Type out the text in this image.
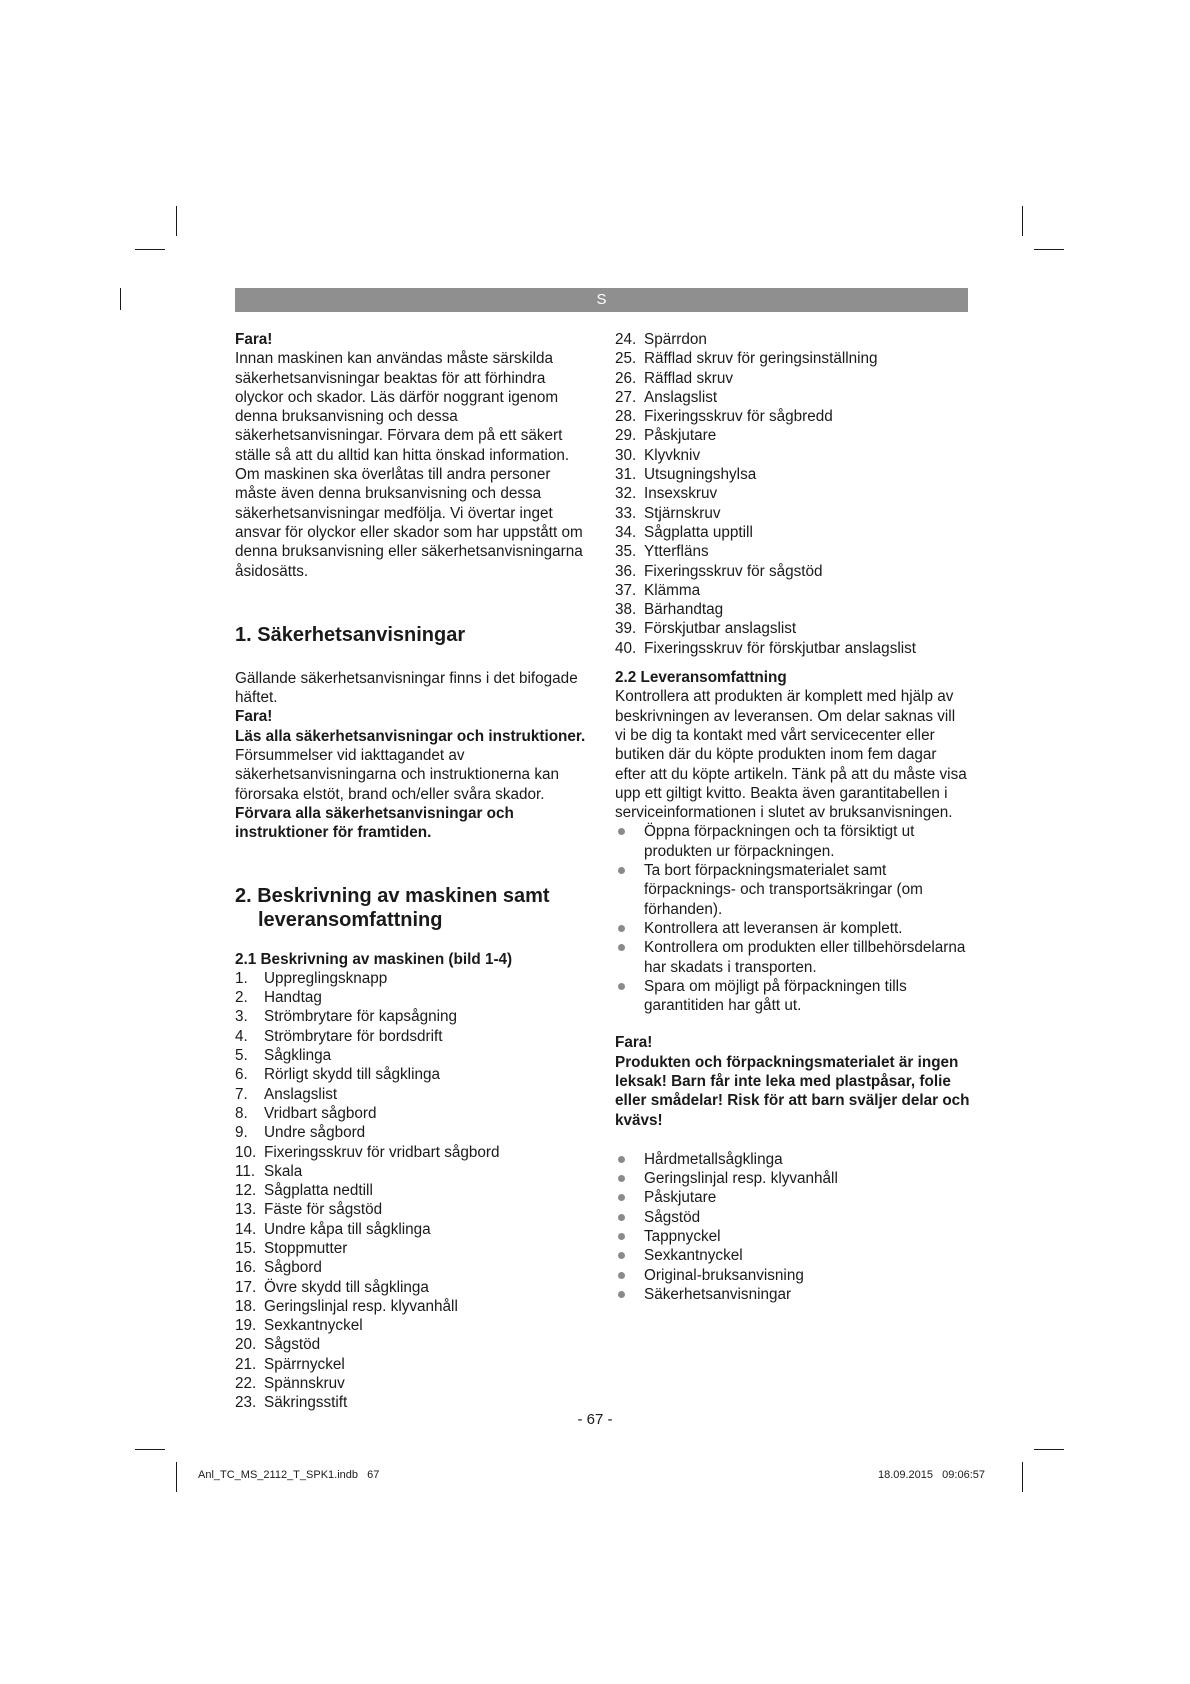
S

Fara!

Innan maskinen kan användas måste särskilda säkerhetsanvisningar beaktas för att förhindra olyckor och skador. Läs därför noggrant igenom denna bruksanvisning och dessa säkerhetsanvisningar. Förvara dem på ett säkert ställe så att du alltid kan hitta önskad information. Om maskinen ska överlåtas till andra personer måste även denna bruksanvisning och dessa säkerhetsanvisningar medfölja. Vi övertar inget ansvar för olyckor eller skador som har uppstått om denna bruksanvisning eller säkerhetsanvisningarna åsidosätts.

1. Säkerhetsanvisningar

Gällande säkerhetsanvisningar finns i det bifogade häftet.

Fara!

Läs alla säkerhetsanvisningar och instruktioner. Försummelser vid iakttagandet av säkerhetsanvisningarna och instruktionerna kan förorsaka elstöt, brand och/eller svåra skador. Förvara alla säkerhetsanvisningar och instruktioner för framtiden.

2. Beskrivning av maskinen samt leveransomfattning
2.1 Beskrivning av maskinen (bild 1-4)
1.	Uppreglingsknapp
2.	Handtag
3.	Strömbrytare för kapsågning
4.	Strömbrytare för bordsdrift
5.	Sågklinga
6.	Rörligt skydd till sågklinga
7.	Anslagslist
8.	Vridbart sågbord
9.	Undre sågbord
10. Fixeringsskruv för vridbart sågbord
11. Skala
12. Sågplatta nedtill
13. Fäste för sågstöd
14. Undre kåpa till sågklinga
15. Stoppmutter
16. Sågbord
17. Övre skydd till sågklinga
18. Geringslinjal resp. klyvanhåll
19. Sexkantnyckel
20. Sågstöd
21. Spärrnyckel
22. Spännskruv
23. Säkringsstift
24. Spärrdon
25. Räfflad skruv för geringsinställning
26. Räfflad skruv
27. Anslagslist
28. Fixeringsskruv för sågbredd
29. Påskjutare
30. Klyvkniv
31. Utsugningshylsa
32. Insexskruv
33. Stjärnskruv
34. Sågplatta upptill
35. Ytterfläns
36. Fixeringsskruv för sågstöd
37. Klämma
38. Bärhandtag
39. Förskjutbar anslagslist
40. Fixeringsskruv för förskjutbar anslagslist
2.2 Leveransomfattning

Kontrollera att produkten är komplett med hjälp av beskrivningen av leveransen. Om delar saknas vill vi be dig ta kontakt med vårt servicecenter eller butiken där du köpte produkten inom fem dagar efter att du köpte artikeln. Tänk på att du måste visa upp ett giltigt kvitto. Beakta även garantitabellen i serviceinformationen i slutet av bruksanvisningen.

Öppna förpackningen och ta försiktigt ut produkten ur förpackningen.
Ta bort förpackningsmaterialet samt förpacknings- och transportsäkringar (om förhanden).
Kontrollera att leveransen är komplett.
Kontrollera om produkten eller tillbehörsdelarna har skadats i transporten.
Spara om möjligt på förpackningen tills garantitiden har gått ut.

Fara!

Produkten och förpackningsmaterialet är ingen leksak! Barn får inte leka med plastpåsar, folie eller smådelar! Risk för att barn sväljer delar och kvävs!

Hårdmetallsågklinga
Geringslinjal resp. klyvanhåll
Påskjutare
Sågstöd
Tappnyckel
Sexkantnyckel
Original-bruksanvisning
Säkerhetsanvisningar
- 67 -
Anl_TC_MS_2112_T_SPK1.indb   67	18.09.2015   09:06:57
